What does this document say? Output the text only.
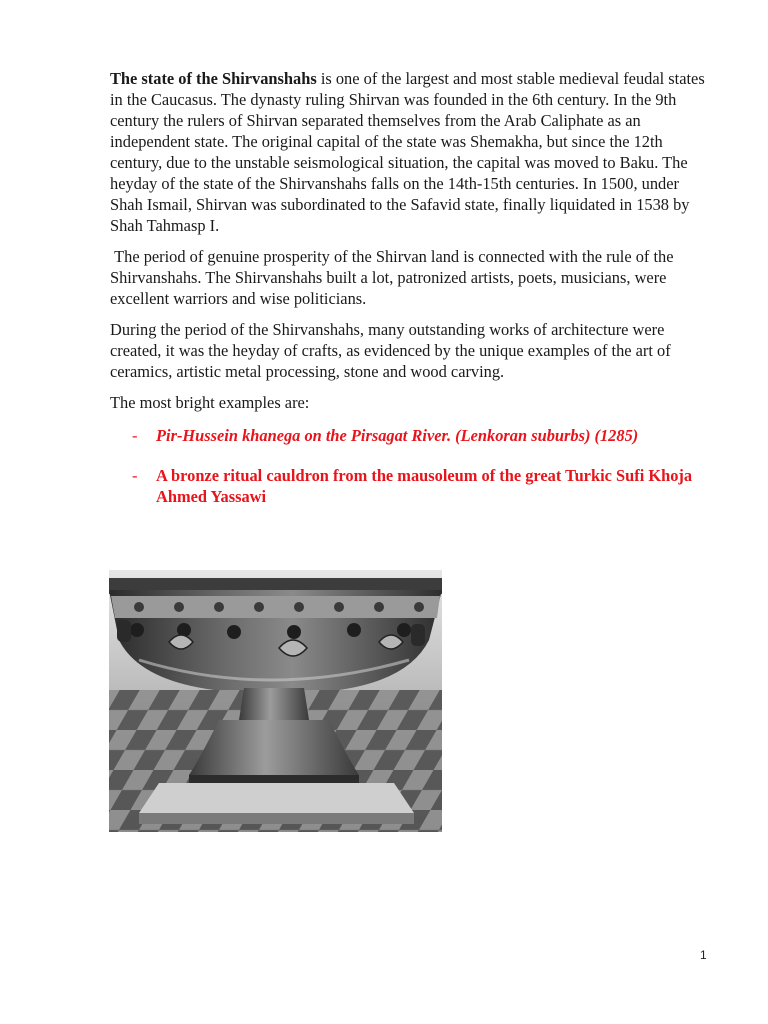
The state of the Shirvanshahs is one of the largest and most stable medieval feudal states in the Caucasus. The dynasty ruling Shirvan was founded in the 6th century. In the 9th century the rulers of Shirvan separated themselves from the Arab Caliphate as an independent state. The original capital of the state was Shemakha, but since the 12th century, due to the unstable seismological situation, the capital was moved to Baku. The heyday of the state of the Shirvanshahs falls on the 14th-15th centuries. In 1500, under Shah Ismail, Shirvan was subordinated to the Safavid state, finally liquidated in 1538 by Shah Tahmasp I.

The period of genuine prosperity of the Shirvan land is connected with the rule of the Shirvanshahs. The Shirvanshahs built a lot, patronized artists, poets, musicians, were excellent warriors and wise politicians.

During the period of the Shirvanshahs, many outstanding works of architecture were created, it was the heyday of crafts, as evidenced by the unique examples of the art of ceramics, artistic metal processing, stone and wood carving.

The most bright examples are:

- Pir-Hussein khanega on the Pirsagat River. (Lenkoran suburbs) (1285)
- A bronze ritual cauldron from the mausoleum of the great Turkic Sufi Khoja Ahmed Yassawi
1
